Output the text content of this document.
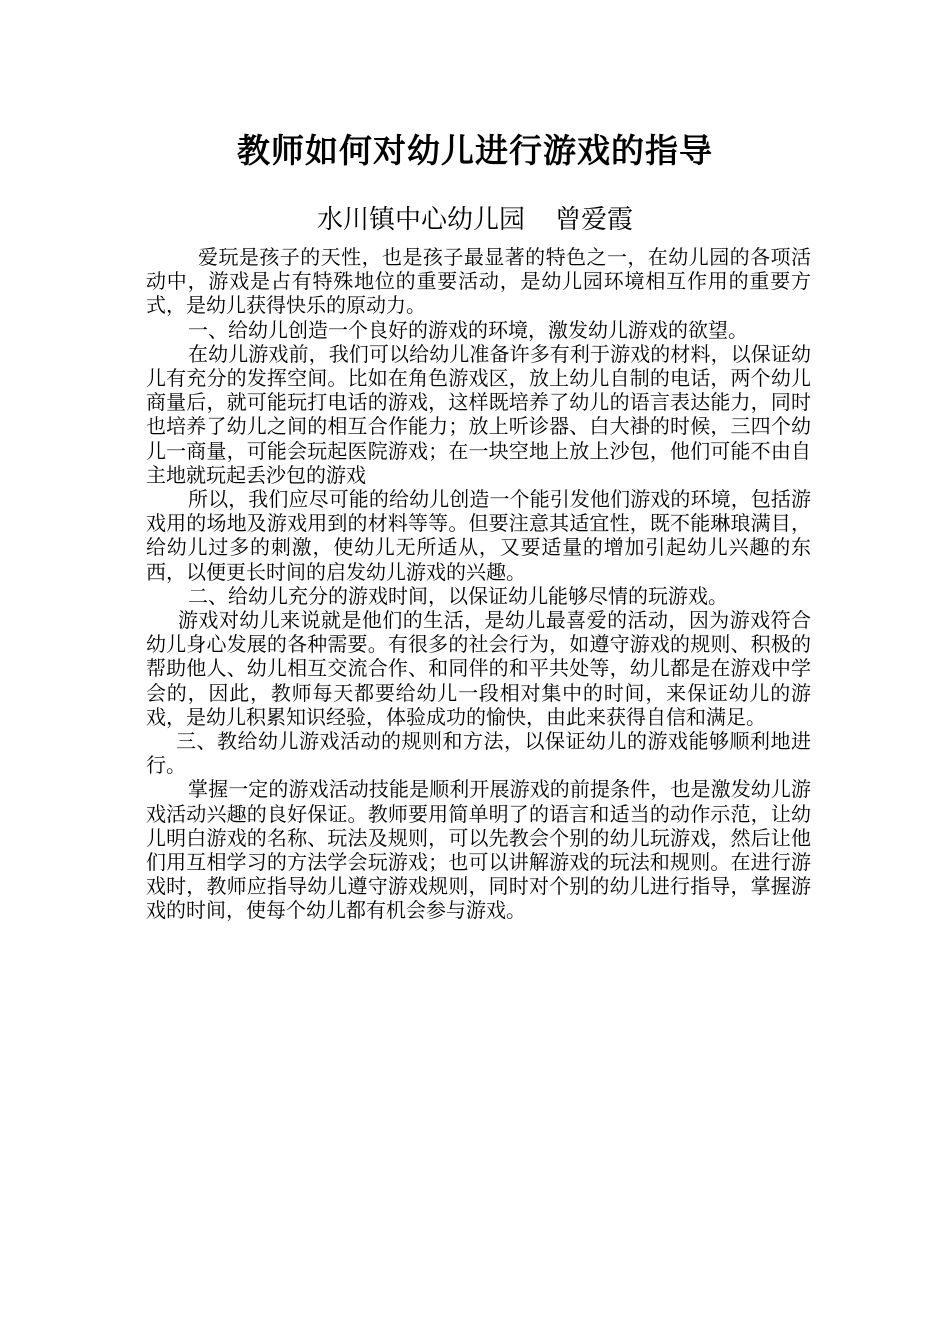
教师如何对幼儿进行游戏的指导
水川镇中心幼儿园 曾爱霞

爱玩是孩子的天性，也是孩子最显著的特色之一，在幼儿园的各项活动中，游戏是占有特殊地位的重要活动，是幼儿园环境相互作用的重要方式，是幼儿获得快乐的原动力。

一、给幼儿创造一个良好的游戏的环境，激发幼儿游戏的欲望。

在幼儿游戏前，我们可以给幼儿准备许多有利于游戏的材料，以保证幼儿有充分的发挥空间。比如在角色游戏区，放上幼儿自制的电话，两个幼儿商量后，就可能玩打电话的游戏，这样既培养了幼儿的语言表达能力，同时也培养了幼儿之间的相互合作能力；放上听诊器、白大褂的时候，三四个幼儿一商量，可能会玩起医院游戏；在一块空地上放上沙包，他们可能不由自主地就玩起丢沙包的游戏

所以，我们应尽可能的给幼儿创造一个能引发他们游戏的环境，包括游戏用的场地及游戏用到的材料等等。但要注意其适宜性，既不能琳琅满目，给幼儿过多的刺激，使幼儿无所适从，又要适量的增加引起幼儿兴趣的东西，以便更长时间的启发幼儿游戏的兴趣。

二、给幼儿充分的游戏时间，以保证幼儿能够尽情的玩游戏。

游戏对幼儿来说就是他们的生活，是幼儿最喜爱的活动，因为游戏符合幼儿身心发展的各种需要。有很多的社会行为，如遵守游戏的规则、积极的帮助他人、幼儿相互交流合作、和同伴的和平共处等，幼儿都是在游戏中学会的，因此，教师每天都要给幼儿一段相对集中的时间，来保证幼儿的游戏，是幼儿积累知识经验，体验成功的愉快，由此来获得自信和满足。

三、教给幼儿游戏活动的规则和方法，以保证幼儿的游戏能够顺利地进行。

掌握一定的游戏活动技能是顺利开展游戏的前提条件，也是激发幼儿游戏活动兴趣的良好保证。教师要用简单明了的语言和适当的动作示范，让幼儿明白游戏的名称、玩法及规则，可以先教会个别的幼儿玩游戏，然后让他们用互相学习的方法学会玩游戏；也可以讲解游戏的玩法和规则。在进行游戏时，教师应指导幼儿遵守游戏规则，同时对个别的幼儿进行指导，掌握游戏的时间，使每个幼儿都有机会参与游戏。
